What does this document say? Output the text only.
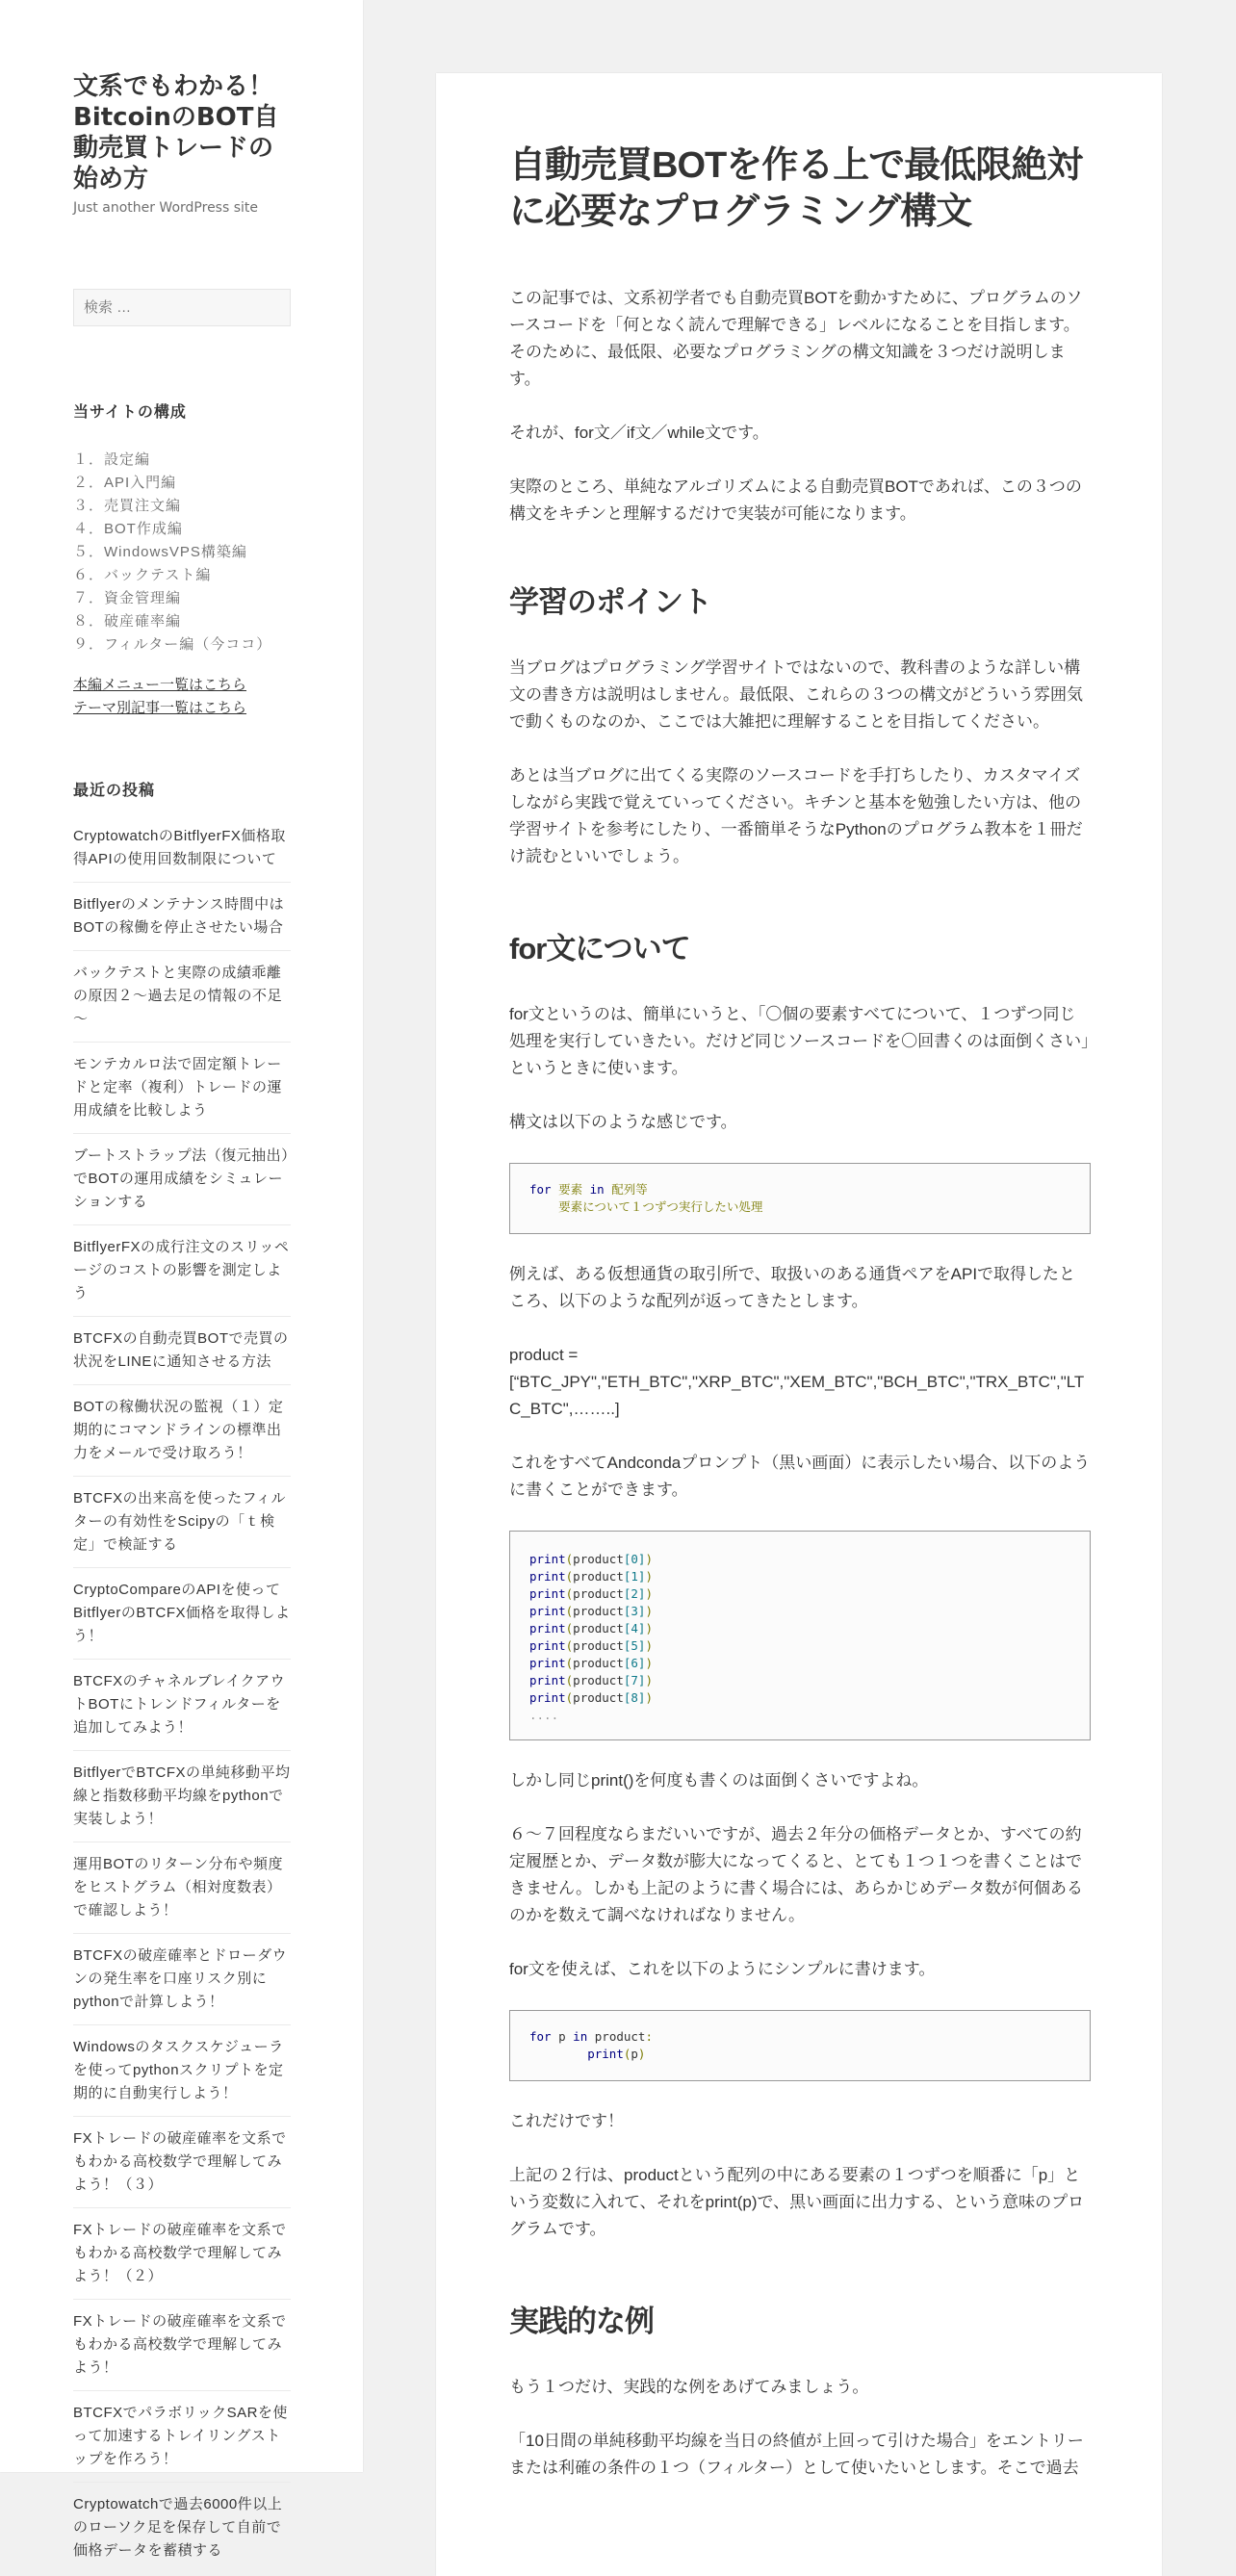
文系でもわかる！BitcoinのBOT自動売買トレードの始め方
Just another WordPress site
検索 …
当サイトの構成
１．設定編
２．API入門編
３．売買注文編
４．BOT作成編
５．WindowsVPS構築編
６．バックテスト編
７．資金管理編
８．破産確率編
９．フィルター編（今ココ）
本編メニュー一覧はこちら
テーマ別記事一覧はこちら
最近の投稿
CryptowatchのBitflyerFX価格取得APIの使用回数制限について
Bitflyerのメンテナンス時間中はBOTの稼働を停止させたい場合
バックテストと実際の成績乖離の原因２～過去足の情報の不足～
モンテカルロ法で固定額トレードと定率（複利）トレードの運用成績を比較しよう
ブートストラップ法（復元抽出）でBOTの運用成績をシミュレーションする
BitflyerFXの成行注文のスリッページのコストの影響を測定しよう
BTCFXの自動売買BOTで売買の状況をLINEに通知させる方法
BOTの稼働状況の監視（１）定期的にコマンドラインの標準出力をメールで受け取ろう！
BTCFXの出来高を使ったフィルターの有効性をScipyの「ｔ検定」で検証する
CryptoCompareのAPIを使ってBitflyerのBTCFX価格を取得しよう！
BTCFXのチャネルブレイクアウトBOTにトレンドフィルターを追加してみよう！
BitflyerでBTCFXの単純移動平均線と指数移動平均線をpythonで実装しよう！
運用BOTのリターン分布や頻度をヒストグラム（相対度数表）で確認しよう！
BTCFXの破産確率とドローダウンの発生率を口座リスク別にpythonで計算しよう！
Windowsのタスクスケジューラを使ってpythonスクリプトを定期的に自動実行しよう！
FXトレードの破産確率を文系でもわかる高校数学で理解してみよう！（３）
FXトレードの破産確率を文系でもわかる高校数学で理解してみよう！（２）
FXトレードの破産確率を文系でもわかる高校数学で理解してみよう！
BTCFXでパラボリックSARを使って加速するトレイリングストップを作ろう！
Cryptowatchで過去6000件以上のローソク足を保存して自前で価格データを蓄積する
自動売買BOTを作る上で最低限絶対に必要なプログラミング構文

この記事では、文系初学者でも自動売買BOTを動かすために、プログラムのソースコードを「何となく読んで理解できる」レベルになることを目指します。そのために、最低限、必要なプログラミングの構文知識を３つだけ説明します。

それが、for文／if文／while文です。

実際のところ、単純なアルゴリズムによる自動売買BOTであれば、この３つの構文をキチンと理解するだけで実装が可能になります。

学習のポイント

当ブログはプログラミング学習サイトではないので、教科書のような詳しい構文の書き方は説明はしません。最低限、これらの３つの構文がどういう雰囲気で動くものなのか、ここでは大雑把に理解することを目指してください。

あとは当ブログに出てくる実際のソースコードを手打ちしたり、カスタマイズしながら実践で覚えていってください。キチンと基本を勉強したい方は、他の学習サイトを参考にしたり、一番簡単そうなPythonのプログラム教本を１冊だけ読むといいでしょう。

for文について

for文というのは、簡単にいうと、「〇個の要素すべてについて、１つずつ同じ処理を実行していきたい。だけど同じソースコードを〇回書くのは面倒くさい」というときに使います。

構文は以下のような感じです。

for 要素 in 配列等
要素について１つずつ実行したい処理

例えば、ある仮想通貨の取引所で、取扱いのある通貨ペアをAPIで取得したところ、以下のような配列が返ってきたとします。

product =

[“BTC_JPY","ETH_BTC","XRP_BTC","XEM_BTC","BCH_BTC","TRX_BTC","LTC_BTC",……..]

これをすべてAndcondaプロンプト（黒い画面）に表示したい場合、以下のように書くことができます。

print(product[0])
print(product[1])
print(product[2])
print(product[3])
print(product[4])
print(product[5])
print(product[6])
print(product[7])
print(product[8])
....

しかし同じprint()を何度も書くのは面倒くさいですよね。

６～７回程度ならまだいいですが、過去２年分の価格データとか、すべての約定履歴とか、データ数が膨大になってくると、とても１つ１つを書くことはできません。しかも上記のように書く場合には、あらかじめデータ数が何個あるのかを数えて調べなければなりません。

for文を使えば、これを以下のようにシンプルに書けます。

for p in product:
print(p)

これだけです！

上記の２行は、productという配列の中にある要素の１つずつを順番に「p」という変数に入れて、それをprint(p)で、黒い画面に出力する、という意味のプログラムです。

実践的な例

もう１つだけ、実践的な例をあげてみましょう。

「10日間の単純移動平均線を当日の終値が上回って引けた場合」をエントリーまたは利確の条件の１つ（フィルター）として使いたいとします。そこで過去
